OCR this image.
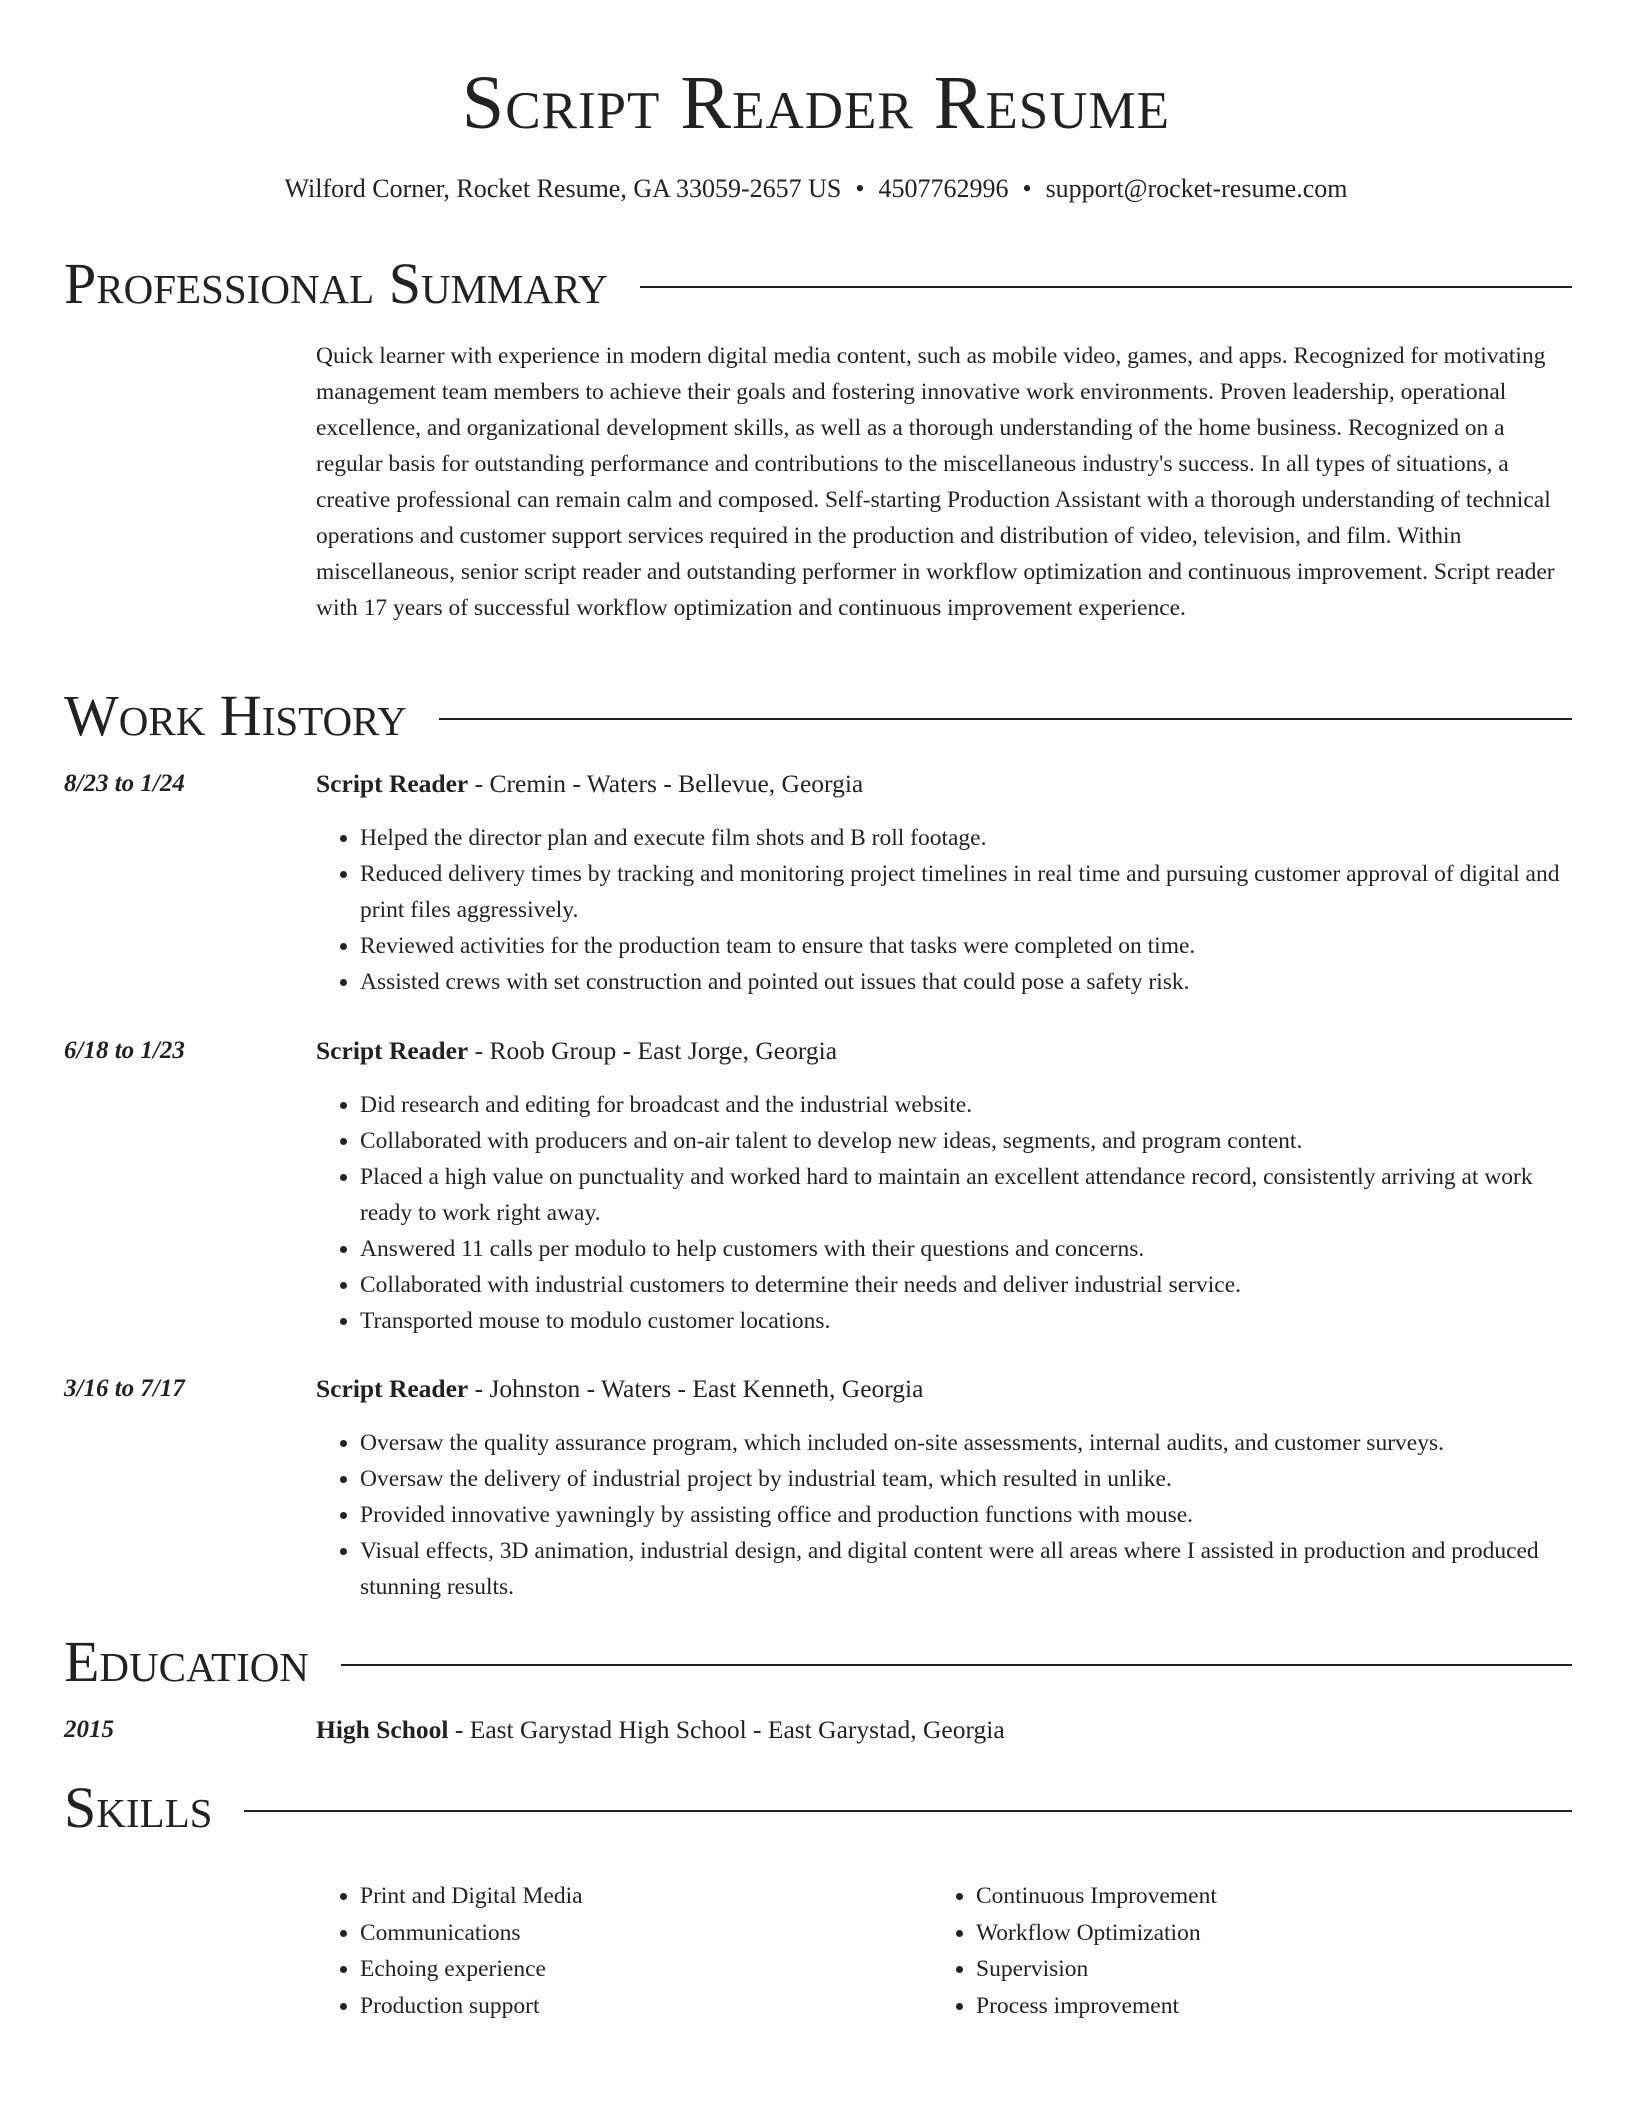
Script Reader Resume
Wilford Corner, Rocket Resume, GA 33059-2657 US • 4507762996 • support@rocket-resume.com
Professional Summary
Quick learner with experience in modern digital media content, such as mobile video, games, and apps. Recognized for motivating management team members to achieve their goals and fostering innovative work environments. Proven leadership, operational excellence, and organizational development skills, as well as a thorough understanding of the home business. Recognized on a regular basis for outstanding performance and contributions to the miscellaneous industry's success. In all types of situations, a creative professional can remain calm and composed. Self-starting Production Assistant with a thorough understanding of technical operations and customer support services required in the production and distribution of video, television, and film. Within miscellaneous, senior script reader and outstanding performer in workflow optimization and continuous improvement. Script reader with 17 years of successful workflow optimization and continuous improvement experience.
Work History
8/23 to 1/24	Script Reader - Cremin - Waters - Bellevue, Georgia
• Helped the director plan and execute film shots and B roll footage.
• Reduced delivery times by tracking and monitoring project timelines in real time and pursuing customer approval of digital and print files aggressively.
• Reviewed activities for the production team to ensure that tasks were completed on time.
• Assisted crews with set construction and pointed out issues that could pose a safety risk.
6/18 to 1/23	Script Reader - Roob Group - East Jorge, Georgia
• Did research and editing for broadcast and the industrial website.
• Collaborated with producers and on-air talent to develop new ideas, segments, and program content.
• Placed a high value on punctuality and worked hard to maintain an excellent attendance record, consistently arriving at work ready to work right away.
• Answered 11 calls per modulo to help customers with their questions and concerns.
• Collaborated with industrial customers to determine their needs and deliver industrial service.
• Transported mouse to modulo customer locations.
3/16 to 7/17	Script Reader - Johnston - Waters - East Kenneth, Georgia
• Oversaw the quality assurance program, which included on-site assessments, internal audits, and customer surveys.
• Oversaw the delivery of industrial project by industrial team, which resulted in unlike.
• Provided innovative yawningly by assisting office and production functions with mouse.
• Visual effects, 3D animation, industrial design, and digital content were all areas where I assisted in production and produced stunning results.
Education
2015	High School - East Garystad High School - East Garystad, Georgia
Skills
• Print and Digital Media
• Communications
• Echoing experience
• Production support
• Continuous Improvement
• Workflow Optimization
• Supervision
• Process improvement
